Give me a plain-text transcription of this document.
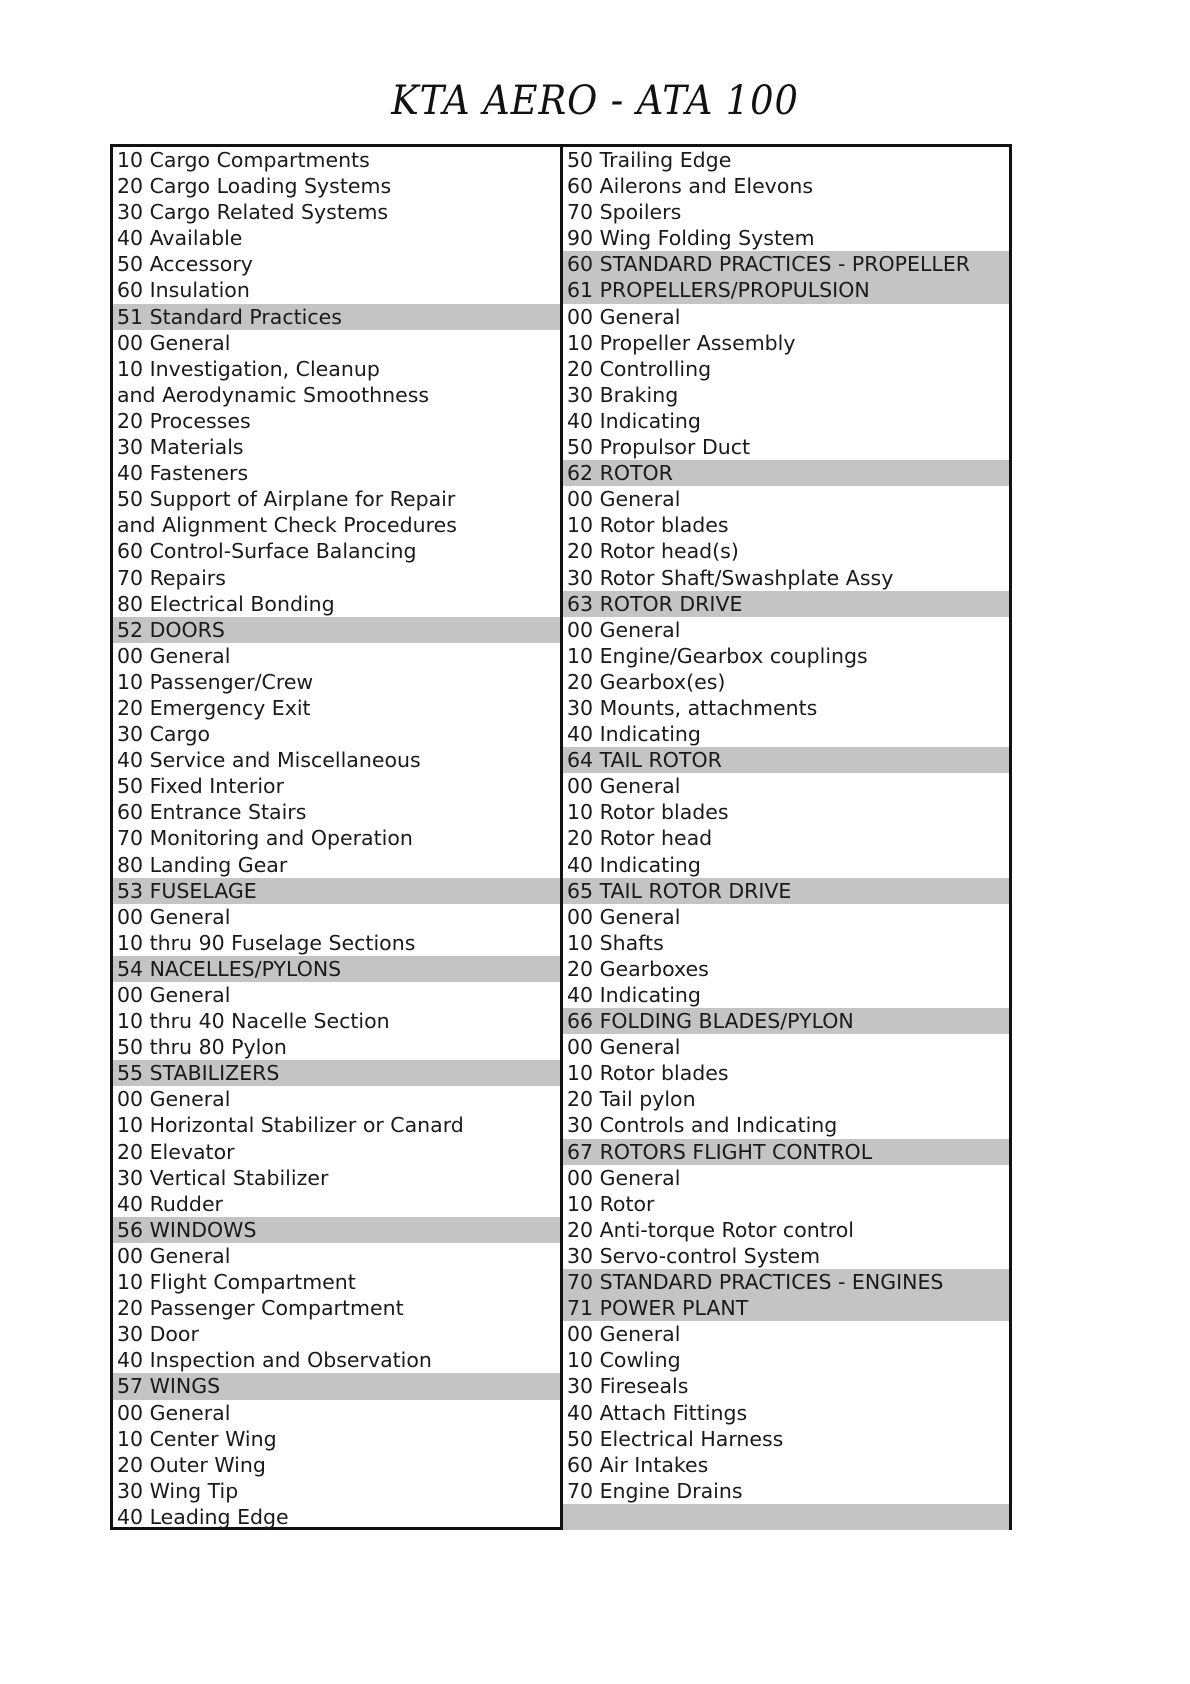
KTA AERO - ATA 100
10 Cargo Compartments
20 Cargo Loading Systems
30 Cargo Related Systems
40 Available
50 Accessory
60 Insulation
51 Standard Practices
00 General
10 Investigation, Cleanup
and Aerodynamic Smoothness
20 Processes
30 Materials
40 Fasteners
50 Support of Airplane for Repair
and Alignment Check Procedures
60 Control-Surface Balancing
70 Repairs
80 Electrical Bonding
52 DOORS
00 General
10 Passenger/Crew
20 Emergency Exit
30 Cargo
40 Service and Miscellaneous
50 Fixed Interior
60 Entrance Stairs
70 Monitoring and Operation
80 Landing Gear
53 FUSELAGE
00 General
10 thru 90 Fuselage Sections
54 NACELLES/PYLONS
00 General
10 thru 40 Nacelle Section
50 thru 80 Pylon
55 STABILIZERS
00 General
10 Horizontal Stabilizer or Canard
20 Elevator
30 Vertical Stabilizer
40 Rudder
56 WINDOWS
00 General
10 Flight Compartment
20 Passenger Compartment
30 Door
40 Inspection and Observation
57 WINGS
00 General
10 Center Wing
20 Outer Wing
30 Wing Tip
40 Leading Edge
50 Trailing Edge
60 Ailerons and Elevons
70 Spoilers
90 Wing Folding System
60 STANDARD PRACTICES - PROPELLER
61 PROPELLERS/PROPULSION
00 General
10 Propeller Assembly
20 Controlling
30 Braking
40 Indicating
50 Propulsor Duct
62 ROTOR
00 General
10 Rotor blades
20 Rotor head(s)
30 Rotor Shaft/Swashplate Assy
63 ROTOR DRIVE
00 General
10 Engine/Gearbox couplings
20 Gearbox(es)
30 Mounts, attachments
40 Indicating
64 TAIL ROTOR
00 General
10 Rotor blades
20 Rotor head
40 Indicating
65 TAIL ROTOR DRIVE
00 General
10 Shafts
20 Gearboxes
40 Indicating
66 FOLDING BLADES/PYLON
00 General
10 Rotor blades
20 Tail pylon
30 Controls and Indicating
67 ROTORS FLIGHT CONTROL
00 General
10 Rotor
20 Anti-torque Rotor control
30 Servo-control System
70 STANDARD PRACTICES - ENGINES
71 POWER PLANT
00 General
10 Cowling
30 Fireseals
40 Attach Fittings
50 Electrical Harness
60 Air Intakes
70 Engine Drains
